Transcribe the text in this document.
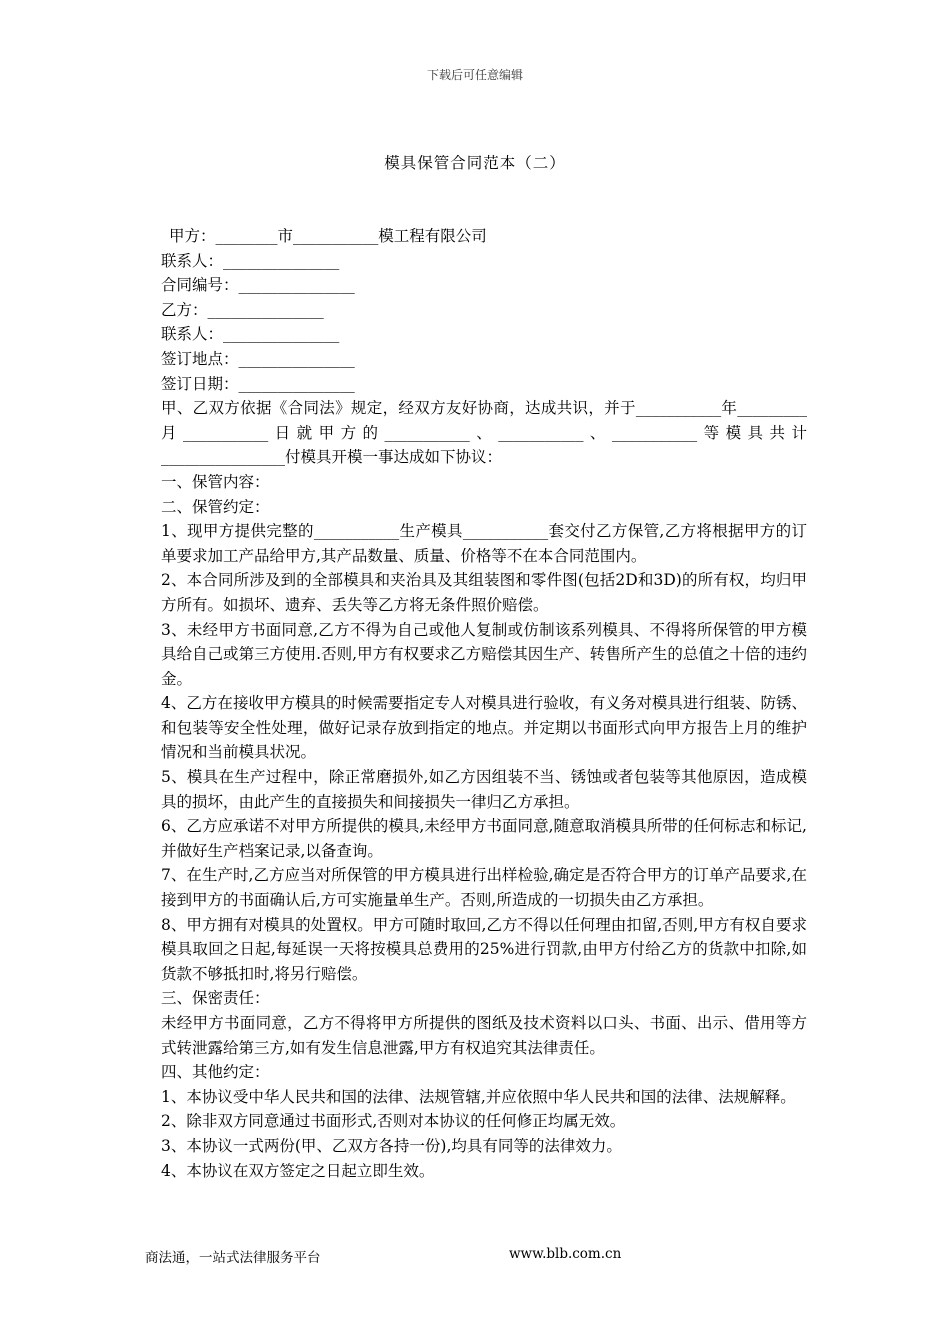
下载后可任意编辑
模具保管合同范本（二）

甲方：________市___________模工程有限公司

联系人：_______________

合同编号：_______________

乙方：_______________

联系人：_______________

签订地点：_______________

签订日期：_______________

甲、乙双方依据《合同法》规定，经双方友好协商，达成共识，并于___________年_________月___________日就甲方的___________、___________、___________等模具共计________________付模具开模一事达成如下协议：

一、保管内容：

二、保管约定：

1、现甲方提供完整的___________生产模具___________套交付乙方保管,乙方将根据甲方的订单要求加工产品给甲方,其产品数量、质量、价格等不在本合同范围内。

2、本合同所涉及到的全部模具和夹治具及其组装图和零件图(包括2D和3D)的所有权，均归甲方所有。如损坏、遗弃、丢失等乙方将无条件照价赔偿。

3、未经甲方书面同意,乙方不得为自己或他人复制或仿制该系列模具、不得将所保管的甲方模具给自己或第三方使用.否则,甲方有权要求乙方赔偿其因生产、转售所产生的总值之十倍的违约金。

4、乙方在接收甲方模具的时候需要指定专人对模具进行验收，有义务对模具进行组装、防锈、和包装等安全性处理，做好记录存放到指定的地点。并定期以书面形式向甲方报告上月的维护情况和当前模具状况。

5、模具在生产过程中，除正常磨损外,如乙方因组装不当、锈蚀或者包装等其他原因，造成模具的损坏，由此产生的直接损失和间接损失一律归乙方承担。

6、乙方应承诺不对甲方所提供的模具,未经甲方书面同意,随意取消模具所带的任何标志和标记,并做好生产档案记录,以备查询。

7、在生产时,乙方应当对所保管的甲方模具进行出样检验,确定是否符合甲方的订单产品要求,在接到甲方的书面确认后,方可实施量单生产。否则,所造成的一切损失由乙方承担。

8、甲方拥有对模具的处置权。甲方可随时取回,乙方不得以任何理由扣留,否则,甲方有权自要求模具取回之日起,每延误一天将按模具总费用的25%进行罚款,由甲方付给乙方的货款中扣除,如货款不够抵扣时,将另行赔偿。

三、保密责任：

未经甲方书面同意，乙方不得将甲方所提供的图纸及技术资料以口头、书面、出示、借用等方式转泄露给第三方,如有发生信息泄露,甲方有权追究其法律责任。

四、其他约定：

1、本协议受中华人民共和国的法律、法规管辖,并应依照中华人民共和国的法律、法规解释。

2、除非双方同意通过书面形式,否则对本协议的任何修正均属无效。

3、本协议一式两份(甲、乙双方各持一份),均具有同等的法律效力。

4、本协议在双方签定之日起立即生效。

商法通，一站式法律服务平台	www.blb.com.cn
